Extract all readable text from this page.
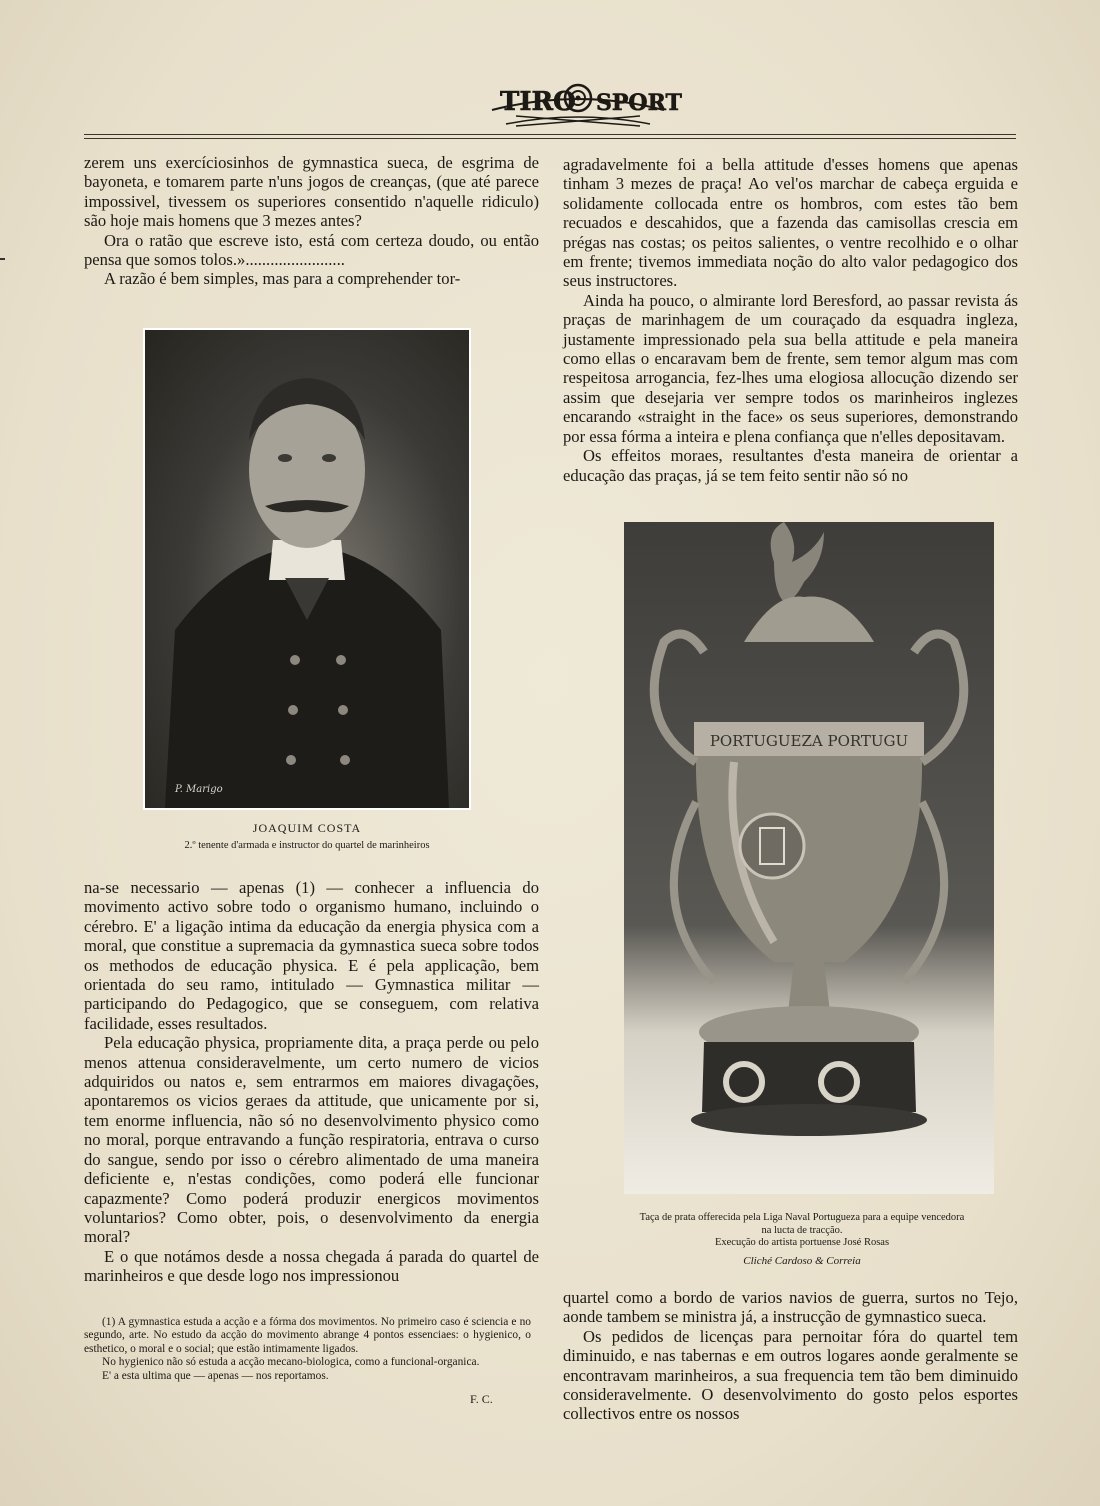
TIRO SPORT

zerem uns exercíciosinhos de gymnastica sueca, de esgrima de bayoneta, e tomarem parte n'uns jogos de creanças, (que até parece impossivel, tivessem os superiores consentido n'aquelle ridiculo) são hoje mais homens que 3 mezes antes?

Ora o ratão que escreve isto, está com certeza doudo, ou então pensa que somos tolos.»........................

A razão é bem simples, mas para a comprehender tor-

P. Marigo
JOAQUIM COSTA
2.º tenente d'armada e instructor do quartel de marinheiros

na-se necessario — apenas (1) — conhecer a influencia do movimento activo sobre todo o organismo humano, incluindo o cérebro. E' a ligação intima da educação da energia physica com a moral, que constitue a supremacia da gymnastica sueca sobre todos os methodos de educação physica. E é pela applicação, bem orientada do seu ramo, intitulado — Gymnastica militar — participando do Pedagogico, que se conseguem, com relativa facilidade, esses resultados.

Pela educação physica, propriamente dita, a praça perde ou pelo menos attenua consideravelmente, um certo numero de vicios adquiridos ou natos e, sem entrarmos em maiores divagações, apontaremos os vicios geraes da attitude, que unicamente por si, tem enorme influencia, não só no desenvolvimento physico como no moral, porque entravando a função respiratoria, entrava o curso do sangue, sendo por isso o cérebro alimentado de uma maneira deficiente e, n'estas condições, como poderá elle funcionar capazmente? Como poderá produzir energicos movimentos voluntarios? Como obter, pois, o desenvolvimento da energia moral?

E o que notámos desde a nossa chegada á parada do quartel de marinheiros e que desde logo nos impressionou

(1) A gymnastica estuda a acção e a fórma dos movimentos. No primeiro caso é sciencia e no segundo, arte. No estudo da acção do movimento abrange 4 pontos essenciaes: o hygienico, o esthetico, o moral e o social; que estão intimamente ligados.

No hygienico não só estuda a acção mecano-biologica, como a funcional-organica.

E' a esta ultima que — apenas — nos reportamos.

F. C.

agradavelmente foi a bella attitude d'esses homens que apenas tinham 3 mezes de praça! Ao vel'os marchar de cabeça erguida e solidamente collocada entre os hombros, com estes tão bem recuados e descahidos, que a fazenda das camisollas crescia em prégas nas costas; os peitos salientes, o ventre recolhido e o olhar em frente; tivemos immediata noção do alto valor pedagogico dos seus instructores.

Ainda ha pouco, o almirante lord Beresford, ao passar revista ás praças de marinhagem de um couraçado da esquadra ingleza, justamente impressionado pela sua bella attitude e pela maneira como ellas o encaravam bem de frente, sem temor algum mas com respeitosa arrogancia, fez-lhes uma elogiosa allocução dizendo ser assim que desejaria ver sempre todos os marinheiros inglezes encarando «straight in the face» os seus superiores, demonstrando por essa fórma a inteira e plena confiança que n'elles depositavam.

Os effeitos moraes, resultantes d'esta maneira de orientar a educação das praças, já se tem feito sentir não só no

PORTUGUEZA PORTUGU
Taça de prata offerecida pela Liga Naval Portugueza para a equipe vencedora
na lucta de tracção.
Execução do artista portuense José Rosas
Cliché Cardoso & Correia

quartel como a bordo de varios navios de guerra, surtos no Tejo, aonde tambem se ministra já, a instrucção de gymnastico sueca.

Os pedidos de licenças para pernoitar fóra do quartel tem diminuido, e nas tabernas e em outros logares aonde geralmente se encontravam marinheiros, a sua frequencia tem tão bem diminuido consideravelmente. O desenvolvimento do gosto pelos esportes collectivos entre os nossos
